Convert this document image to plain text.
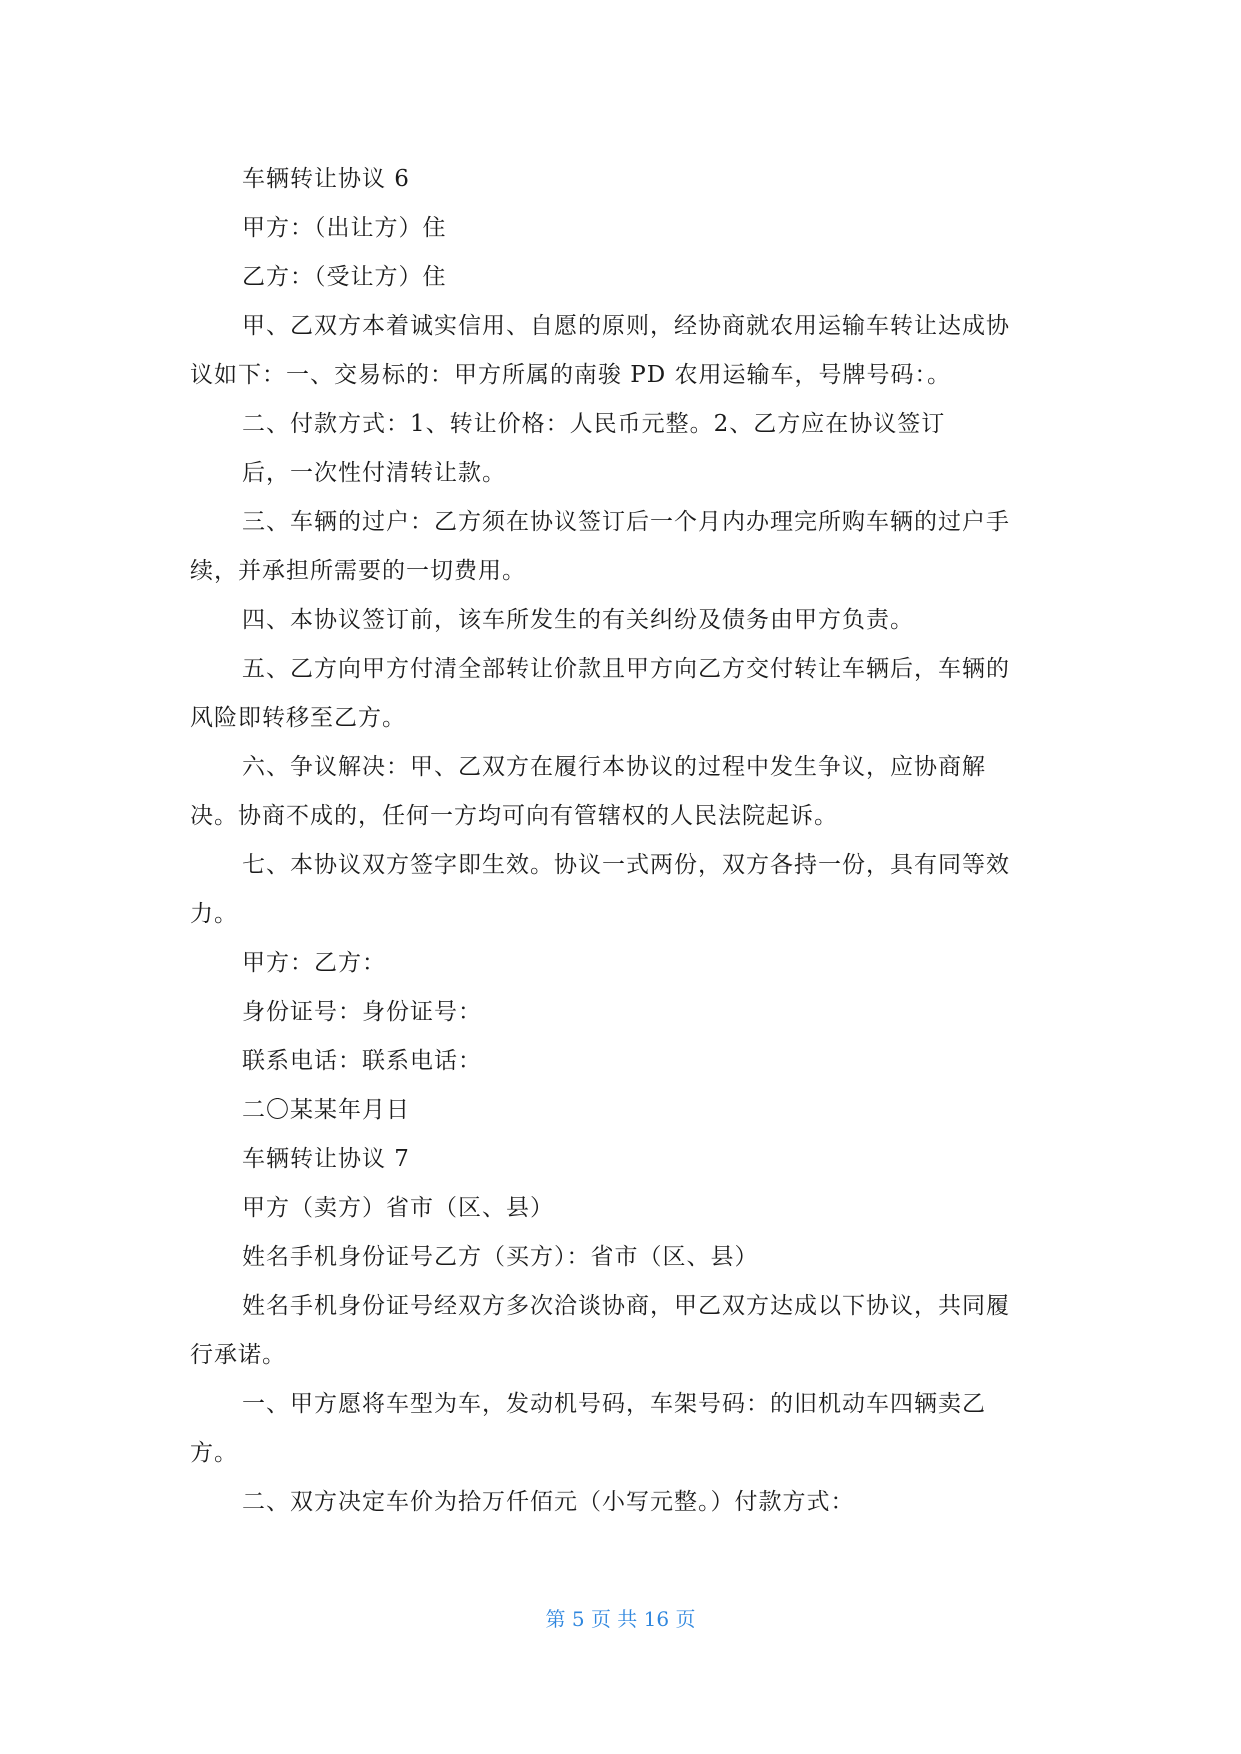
车辆转让协议 6
甲方：（出让方）住
乙方：（受让方）住
甲、乙双方本着诚实信用、自愿的原则，经协商就农用运输车转让达成协
议如下：一、交易标的：甲方所属的南骏 PD 农用运输车，号牌号码：。
二、付款方式：1、转让价格：人民币元整。2、乙方应在协议签订
后，一次性付清转让款。
三、车辆的过户：乙方须在协议签订后一个月内办理完所购车辆的过户手
续，并承担所需要的一切费用。
四、本协议签订前，该车所发生的有关纠纷及债务由甲方负责。
五、乙方向甲方付清全部转让价款且甲方向乙方交付转让车辆后，车辆的
风险即转移至乙方。
六、争议解决：甲、乙双方在履行本协议的过程中发生争议，应协商解
决。协商不成的，任何一方均可向有管辖权的人民法院起诉。
七、本协议双方签字即生效。协议一式两份，双方各持一份，具有同等效
力。
甲方：乙方：
身份证号：身份证号：
联系电话：联系电话：
二〇某某年月日
车辆转让协议 7
甲方（卖方）省市（区、县）
姓名手机身份证号乙方（买方）：省市（区、县）
姓名手机身份证号经双方多次洽谈协商，甲乙双方达成以下协议，共同履
行承诺。
一、甲方愿将车型为车，发动机号码，车架号码：的旧机动车四辆卖乙
方。
二、双方决定车价为拾万仟佰元（小写元整。）付款方式：
第 5 页 共 16 页
